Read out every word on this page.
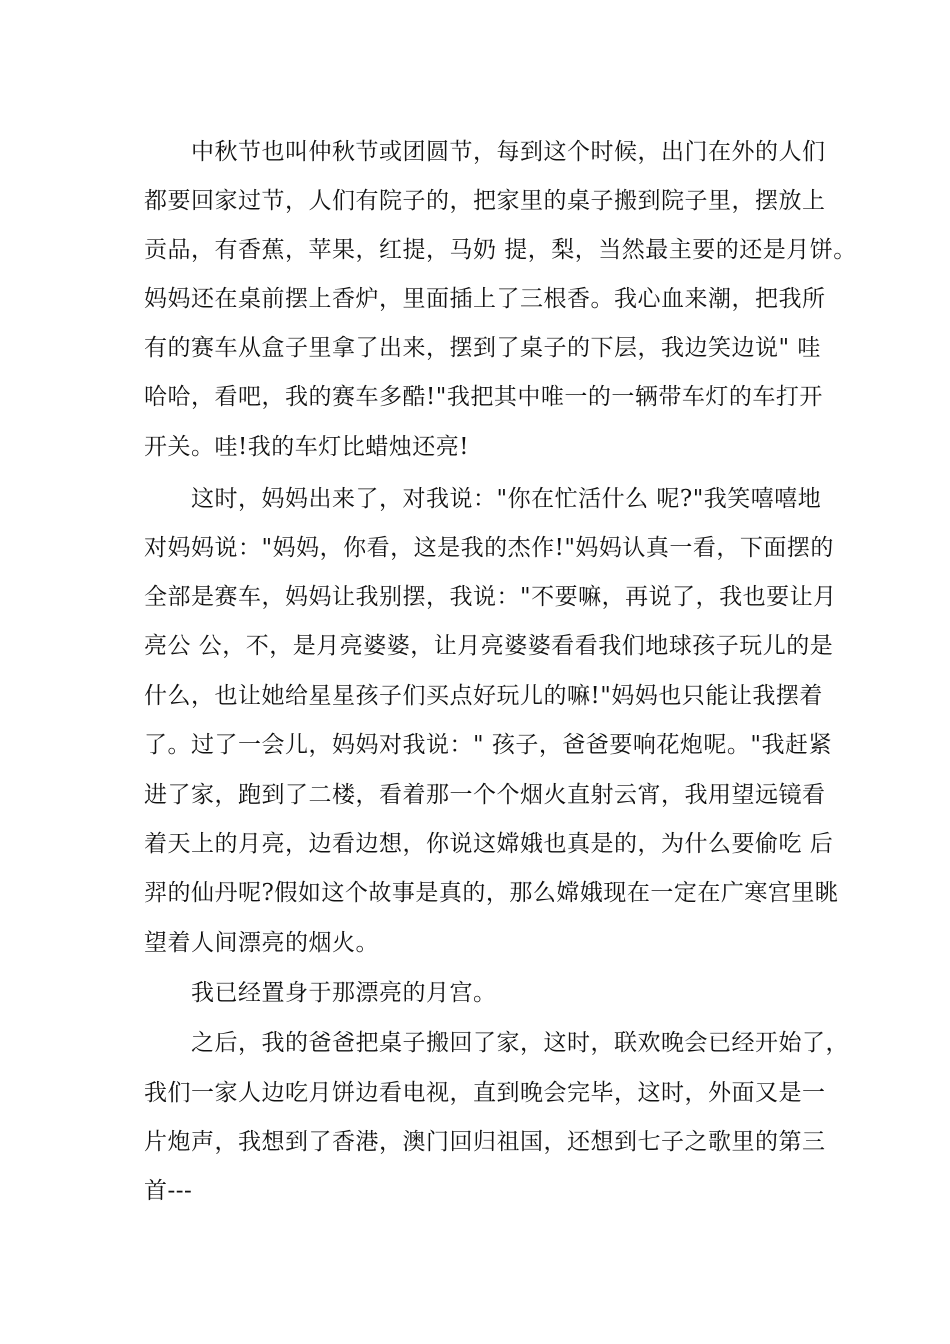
　　中秋节也叫仲秋节或团圆节，每到这个时候，出门在外的人们
都要回家过节，人们有院子的，把家里的桌子搬到院子里，摆放上
贡品，有香蕉，苹果，红提，马奶 提，梨，当然最主要的还是月饼。
妈妈还在桌前摆上香炉，里面插上了三根香。我心血来潮，把我所
有的赛车从盒子里拿了出来，摆到了桌子的下层，我边笑边说" 哇
哈哈，看吧，我的赛车多酷!"我把其中唯一的一辆带车灯的车打开
开关。哇!我的车灯比蜡烛还亮!
　　这时，妈妈出来了，对我说："你在忙活什么 呢?"我笑嘻嘻地
对妈妈说："妈妈，你看，这是我的杰作!"妈妈认真一看，下面摆的
全部是赛车，妈妈让我别摆，我说："不要嘛，再说了，我也要让月
亮公 公，不，是月亮婆婆，让月亮婆婆看看我们地球孩子玩儿的是
什么，也让她给星星孩子们买点好玩儿的嘛!"妈妈也只能让我摆着
了。过了一会儿，妈妈对我说：" 孩子，爸爸要响花炮呢。"我赶紧
进了家，跑到了二楼，看着那一个个烟火直射云宵，我用望远镜看
着天上的月亮，边看边想，你说这嫦娥也真是的，为什么要偷吃 后
羿的仙丹呢?假如这个故事是真的，那么嫦娥现在一定在广寒宫里眺
望着人间漂亮的烟火。
　　我已经置身于那漂亮的月宫。
　　之后，我的爸爸把桌子搬回了家，这时，联欢晚会已经开始了，
我们一家人边吃月饼边看电视，直到晚会完毕，这时，外面又是一
片炮声，我想到了香港，澳门回归祖国，还想到七子之歌里的第三
首---
